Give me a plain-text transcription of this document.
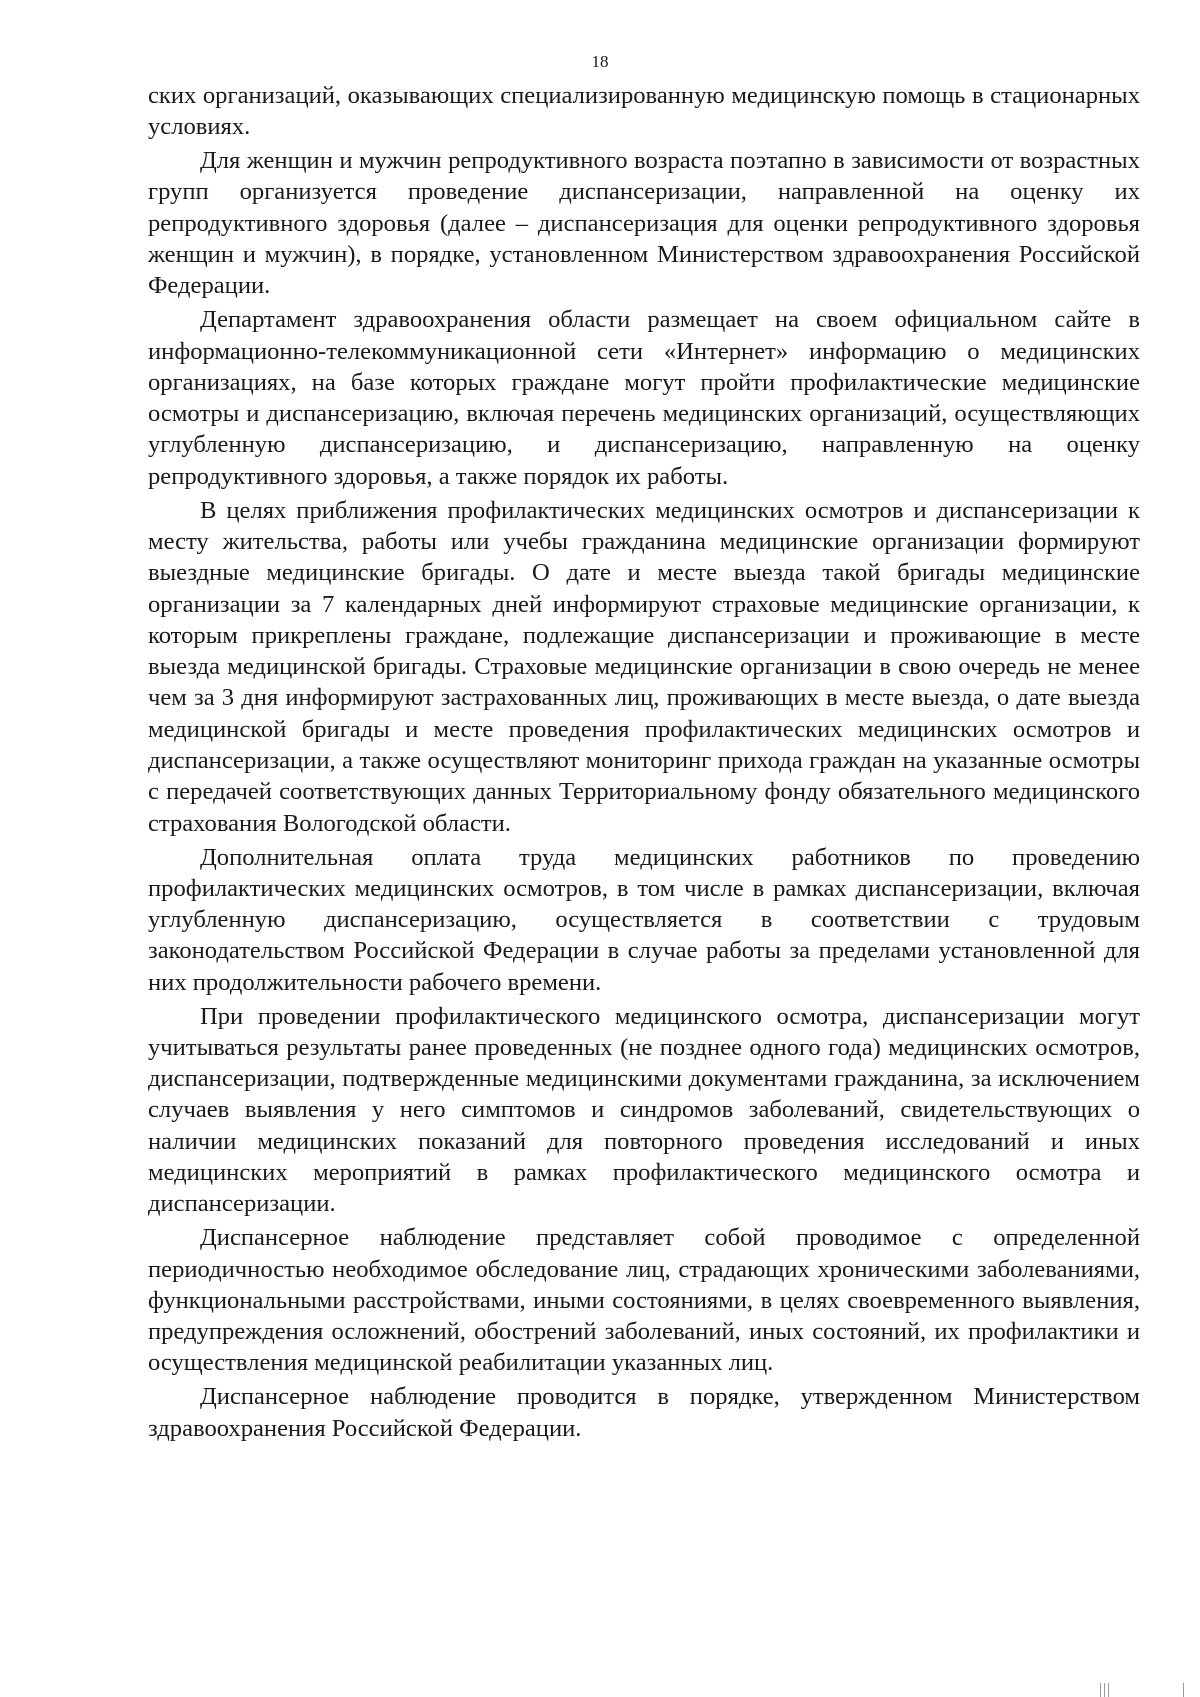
18

ских организаций, оказывающих специализированную медицинскую помощь в стационарных условиях.

Для женщин и мужчин репродуктивного возраста поэтапно в зависимости от возрастных групп организуется проведение диспансеризации, направленной на оценку их репродуктивного здоровья (далее – диспансеризация для оценки репродуктивного здоровья женщин и мужчин), в порядке, установленном Министерством здравоохранения Российской Федерации.

Департамент здравоохранения области размещает на своем официальном сайте в информационно-телекоммуникационной сети «Интернет» информацию о медицинских организациях, на базе которых граждане могут пройти профилактические медицинские осмотры и диспансеризацию, включая перечень медицинских организаций, осуществляющих углубленную диспансеризацию, и диспансеризацию, направленную на оценку репродуктивного здоровья, а также порядок их работы.

В целях приближения профилактических медицинских осмотров и диспансеризации к месту жительства, работы или учебы гражданина медицинские организации формируют выездные медицинские бригады. О дате и месте выезда такой бригады медицинские организации за 7 календарных дней информируют страховые медицинские организации, к которым прикреплены граждане, подлежащие диспансеризации и проживающие в месте выезда медицинской бригады. Страховые медицинские организации в свою очередь не менее чем за 3 дня информируют застрахованных лиц, проживающих в месте выезда, о дате выезда медицинской бригады и месте проведения профилактических медицинских осмотров и диспансеризации, а также осуществляют мониторинг прихода граждан на указанные осмотры с передачей соответствующих данных Территориальному фонду обязательного медицинского страхования Вологодской области.

Дополнительная оплата труда медицинских работников по проведению профилактических медицинских осмотров, в том числе в рамках диспансеризации, включая углубленную диспансеризацию, осуществляется в соответствии с трудовым законодательством Российской Федерации в случае работы за пределами установленной для них продолжительности рабочего времени.

При проведении профилактического медицинского осмотра, диспансеризации могут учитываться результаты ранее проведенных (не позднее одного года) медицинских осмотров, диспансеризации, подтвержденные медицинскими документами гражданина, за исключением случаев выявления у него симптомов и синдромов заболеваний, свидетельствующих о наличии медицинских показаний для повторного проведения исследований и иных медицинских мероприятий в рамках профилактического медицинского осмотра и диспансеризации.

Диспансерное наблюдение представляет собой проводимое с определенной периодичностью необходимое обследование лиц, страдающих хроническими заболеваниями, функциональными расстройствами, иными состояниями, в целях своевременного выявления, предупреждения осложнений, обострений заболеваний, иных состояний, их профилактики и осуществления медицинской реабилитации указанных лиц.

Диспансерное наблюдение проводится в порядке, утвержденном Министерством здравоохранения Российской Федерации.
